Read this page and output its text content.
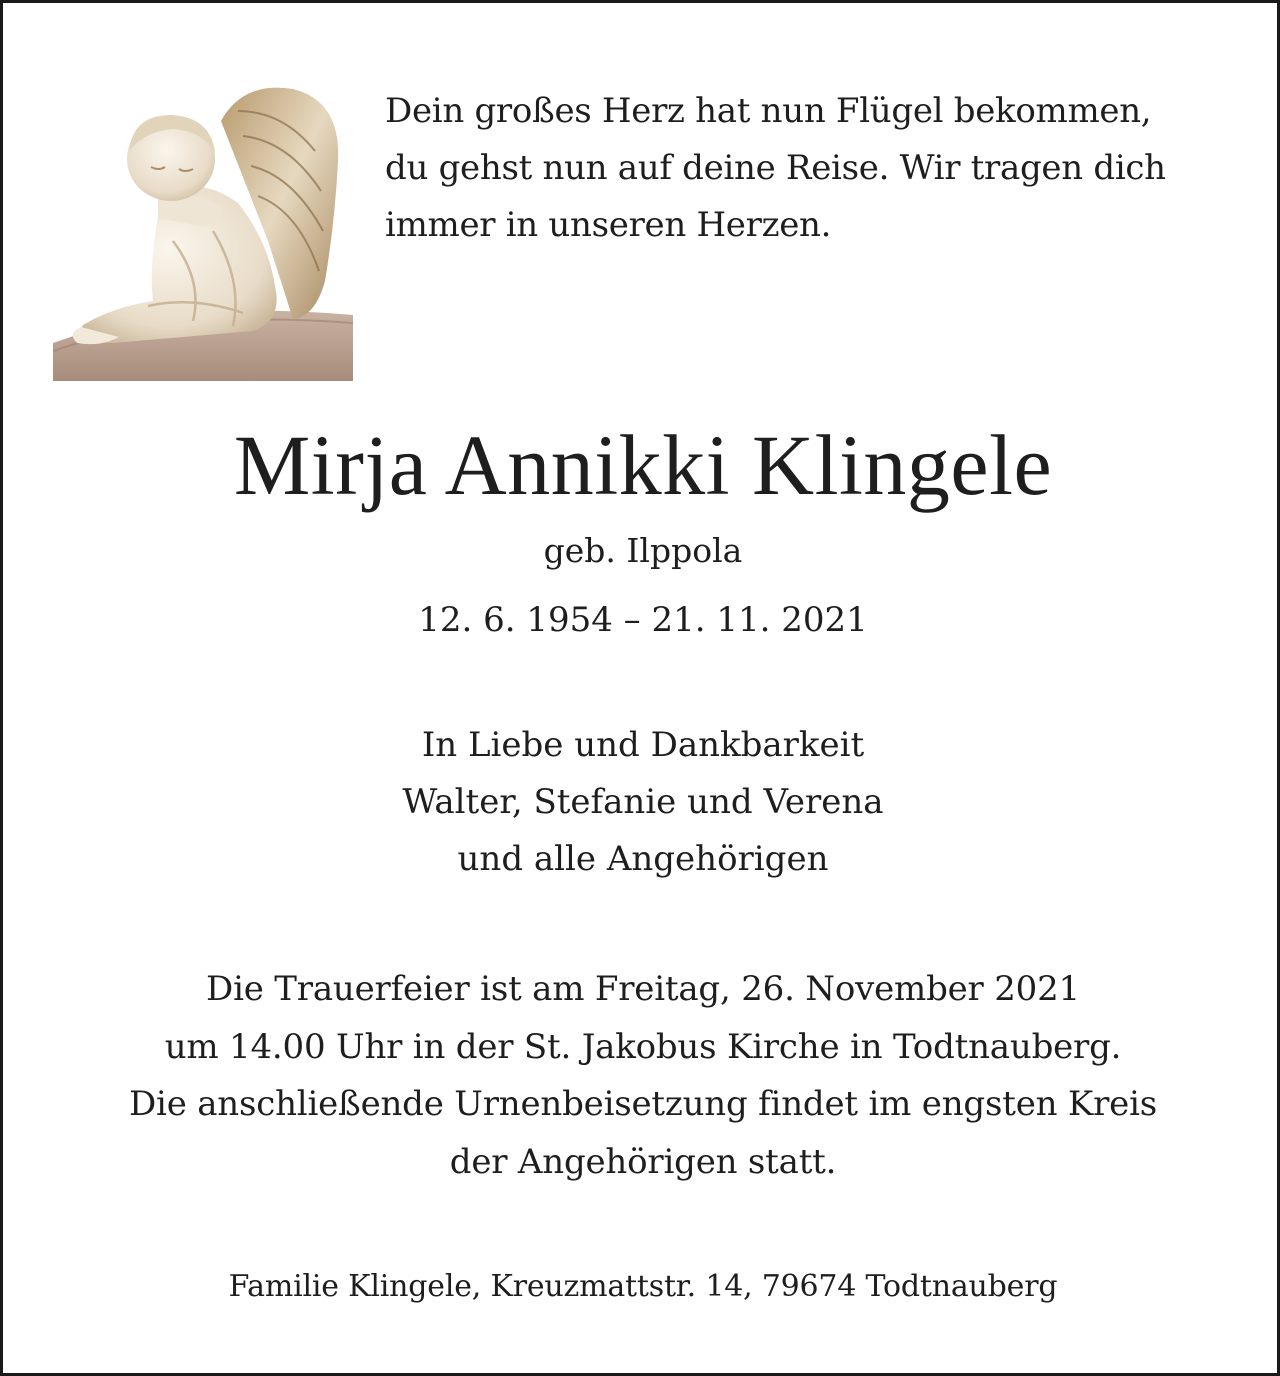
Dein großes Herz hat nun Flügel bekommen,
du gehst nun auf deine Reise. Wir tragen dich
immer in unseren Herzen.
Mirja Annikki Klingele
geb. Ilppola
12. 6. 1954 – 21. 11. 2021
In Liebe und Dankbarkeit
Walter, Stefanie und Verena
und alle Angehörigen
Die Trauerfeier ist am Freitag, 26. November 2021
um 14.00 Uhr in der St. Jakobus Kirche in Todtnauberg.
Die anschließende Urnenbeisetzung findet im engsten Kreis
der Angehörigen statt.
Familie Klingele, Kreuzmattstr. 14, 79674 Todtnauberg
